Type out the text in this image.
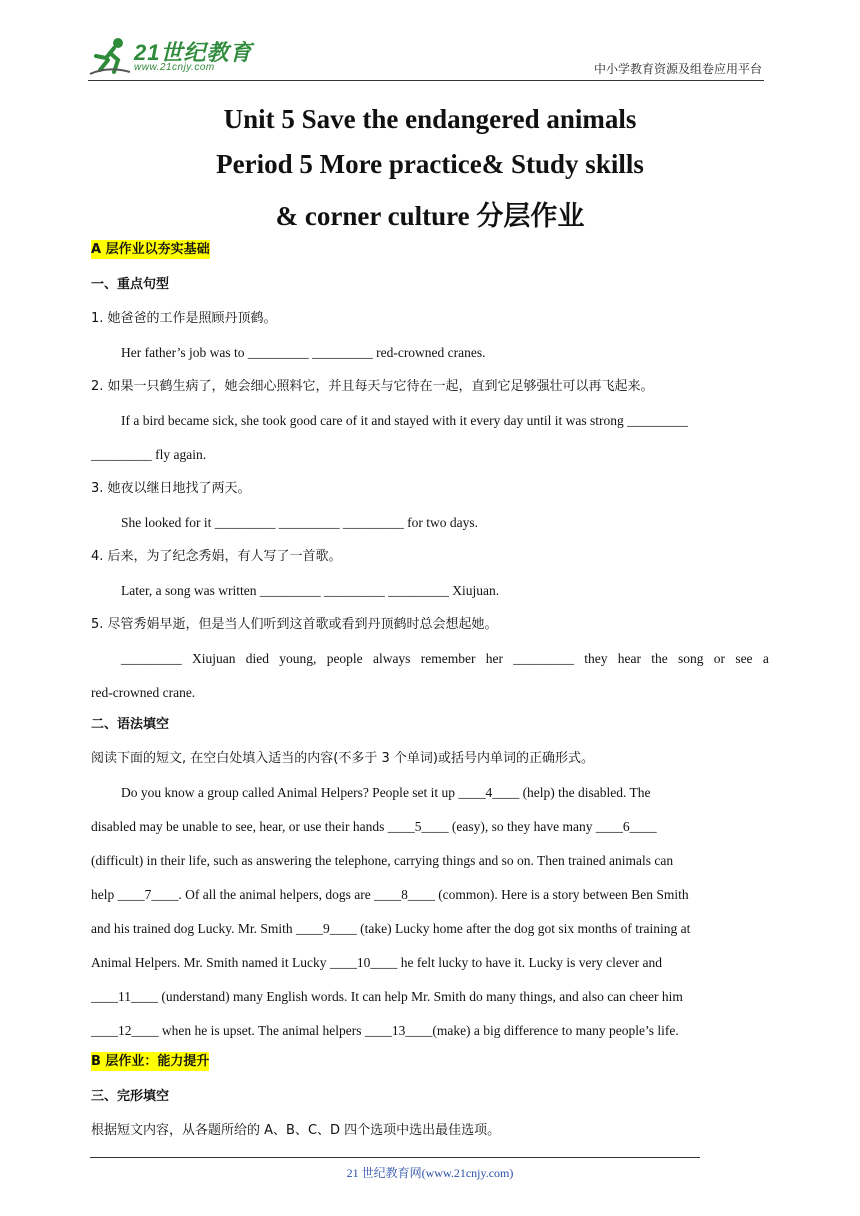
21世纪教育
www.21cnjy.com	中小学教育资源及组卷应用平台
Unit 5 Save the endangered animals
Period 5 More practice& Study skills
& corner culture 分层作业
A 层作业以夯实基础
一、重点句型
1. 她爸爸的工作是照顾丹顶鹤。
Her father’s job was to _________ _________ red-crowned cranes.
2. 如果一只鹤生病了，她会细心照料它，并且每天与它待在一起，直到它足够强壮可以再飞起来。
If a bird became sick, she took good care of it and stayed with it every day until it was strong _________
_________ fly again.
3. 她夜以继日地找了两天。
She looked for it _________ _________ _________ for two days.
4. 后来，为了纪念秀娟，有人写了一首歌。
Later, a song was written _________ _________ _________ Xiujuan.
5. 尽管秀娟早逝，但是当人们听到这首歌或看到丹顶鹤时总会想起她。
_________ Xiujuan died young, people always remember her _________ they hear the song or see a
red-crowned crane.
二、语法填空
阅读下面的短文, 在空白处填入适当的内容(不多于 3 个单词)或括号内单词的正确形式。
Do you know a group called Animal Helpers? People set it up ____4____ (help) the disabled. The
disabled may be unable to see, hear, or use their hands ____5____ (easy), so they have many ____6____
(difficult) in their life, such as answering the telephone, carrying things and so on. Then trained animals can
help ____7____. Of all the animal helpers, dogs are ____8____ (common). Here is a story between Ben Smith
and his trained dog Lucky. Mr. Smith ____9____ (take) Lucky home after the dog got six months of training at
Animal Helpers. Mr. Smith named it Lucky ____10____ he felt lucky to have it. Lucky is very clever and
____11____ (understand) many English words. It can help Mr. Smith do many things, and also can cheer him
____12____ when he is upset. The animal helpers ____13____(make) a big difference to many people’s life.
B 层作业：能力提升
三、完形填空
根据短文内容，从各题所给的 A、B、C、D 四个选项中选出最佳选项。
21 世纪教育网(www.21cnjy.com)
